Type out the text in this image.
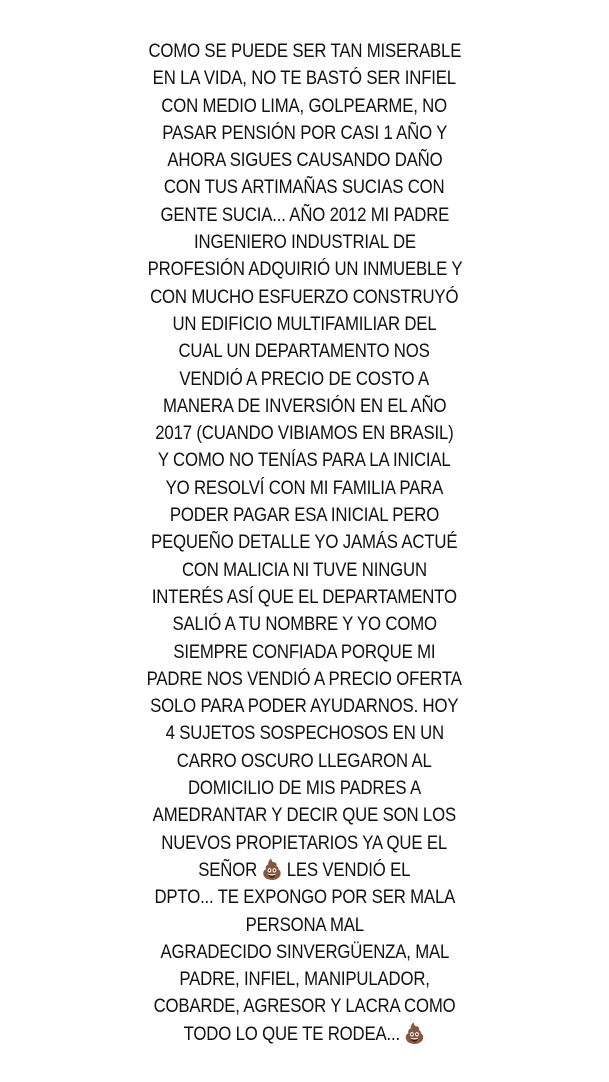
COMO SE PUEDE SER TAN MISERABLE
EN LA VIDA, NO TE BASTÓ SER INFIEL
CON MEDIO LIMA, GOLPEARME, NO
PASAR PENSIÓN POR CASI 1 AÑO Y
AHORA SIGUES CAUSANDO DAÑO
CON TUS ARTIMAÑAS SUCIAS CON
GENTE SUCIA... AÑO 2012 MI PADRE
INGENIERO INDUSTRIAL DE
PROFESIÓN ADQUIRIÓ UN INMUEBLE Y
CON MUCHO ESFUERZO CONSTRUYÓ
UN EDIFICIO MULTIFAMILIAR DEL
CUAL UN DEPARTAMENTO NOS
VENDIÓ A PRECIO DE COSTO A
MANERA DE INVERSIÓN EN EL AÑO
2017 (CUANDO VIBIAMOS EN BRASIL)
Y COMO NO TENÍAS PARA LA INICIAL
YO RESOLVÍ CON MI FAMILIA PARA
PODER PAGAR ESA INICIAL PERO
PEQUEÑO DETALLE YO JAMÁS ACTUÉ
CON MALICIA NI TUVE NINGUN
INTERÉS ASÍ QUE EL DEPARTAMENTO
SALIÓ A TU NOMBRE Y YO COMO
SIEMPRE CONFIADA PORQUE MI
PADRE NOS VENDIÓ A PRECIO OFERTA
SOLO PARA PODER AYUDARNOS. HOY
4 SUJETOS SOSPECHOSOS EN UN
CARRO OSCURO LLEGARON AL
DOMICILIO DE MIS PADRES A
AMEDRANTAR Y DECIR QUE SON LOS
NUEVOS PROPIETARIOS YA QUE EL
SEÑOR 💩 LES VENDIÓ EL
DPTO... TE EXPONGO POR SER MALA
PERSONA MAL
AGRADECIDO SINVERGÜENZA, MAL
PADRE, INFIEL, MANIPULADOR,
COBARDE, AGRESOR Y LACRA COMO
TODO LO QUE TE RODEA... 💩
